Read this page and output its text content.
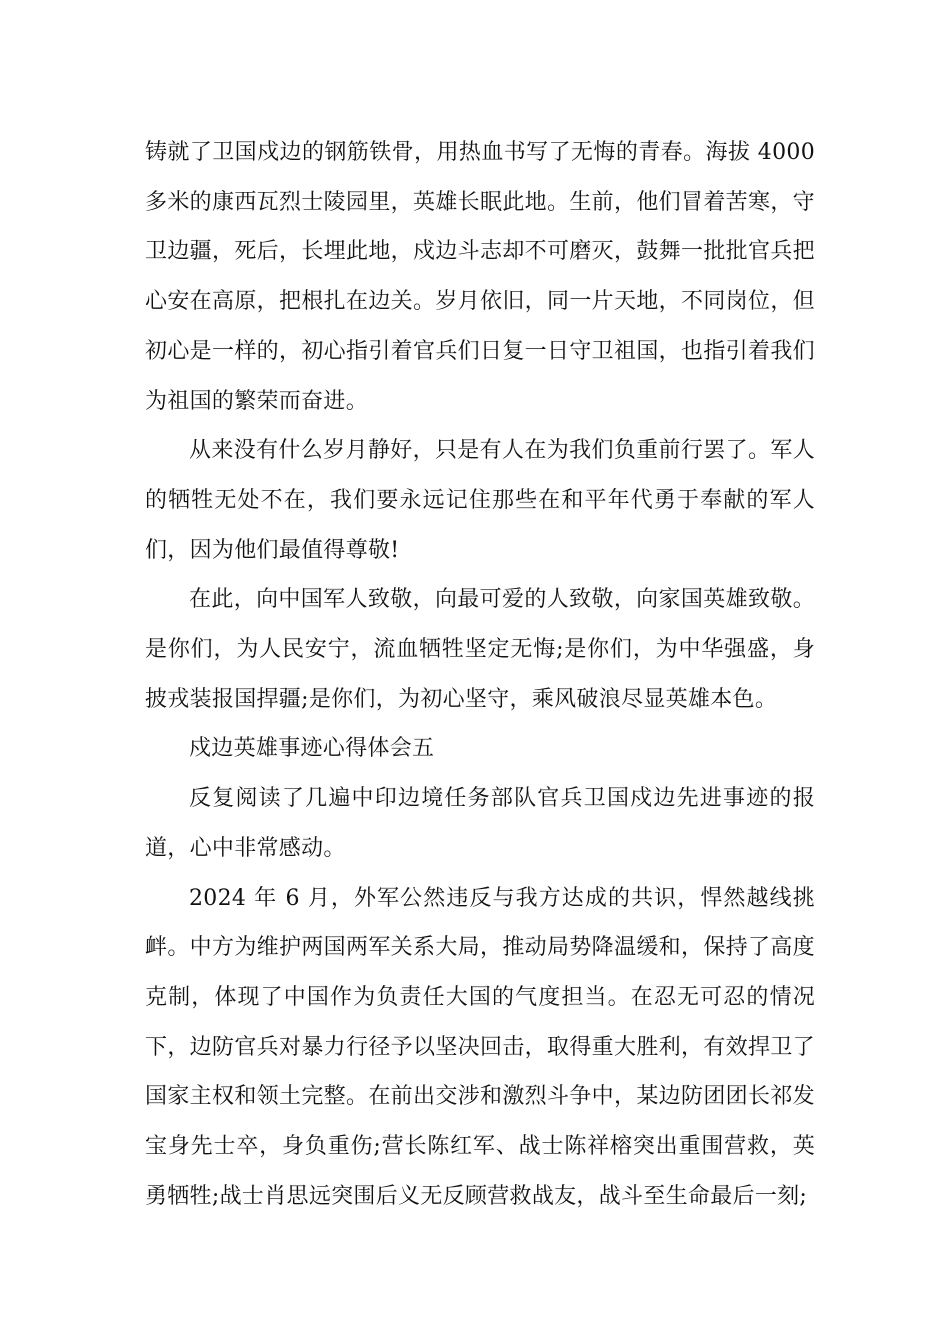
铸就了卫国戍边的钢筋铁骨，用热血书写了无悔的青春。海拔 4000 多米的康西瓦烈士陵园里，英雄长眠此地。生前，他们冒着苦寒，守卫边疆，死后，长埋此地，戍边斗志却不可磨灭，鼓舞一批批官兵把心安在高原，把根扎在边关。岁月依旧，同一片天地，不同岗位，但初心是一样的，初心指引着官兵们日复一日守卫祖国，也指引着我们为祖国的繁荣而奋进。

从来没有什么岁月静好，只是有人在为我们负重前行罢了。军人的牺牲无处不在，我们要永远记住那些在和平年代勇于奉献的军人们，因为他们最值得尊敬!

在此，向中国军人致敬，向最可爱的人致敬，向家国英雄致敬。是你们，为人民安宁，流血牺牲坚定无悔;是你们，为中华强盛，身披戎装报国捍疆;是你们，为初心坚守，乘风破浪尽显英雄本色。

戍边英雄事迹心得体会五

反复阅读了几遍中印边境任务部队官兵卫国戍边先进事迹的报道，心中非常感动。

2024 年 6 月，外军公然违反与我方达成的共识，悍然越线挑衅。中方为维护两国两军关系大局，推动局势降温缓和，保持了高度克制，体现了中国作为负责任大国的气度担当。在忍无可忍的情况下，边防官兵对暴力行径予以坚决回击，取得重大胜利，有效捍卫了国家主权和领土完整。在前出交涉和激烈斗争中，某边防团团长祁发宝身先士卒，身负重伤;营长陈红军、战士陈祥榕突出重围营救，英勇牺牲;战士肖思远突围后义无反顾营救战友，战斗至生命最后一刻;
